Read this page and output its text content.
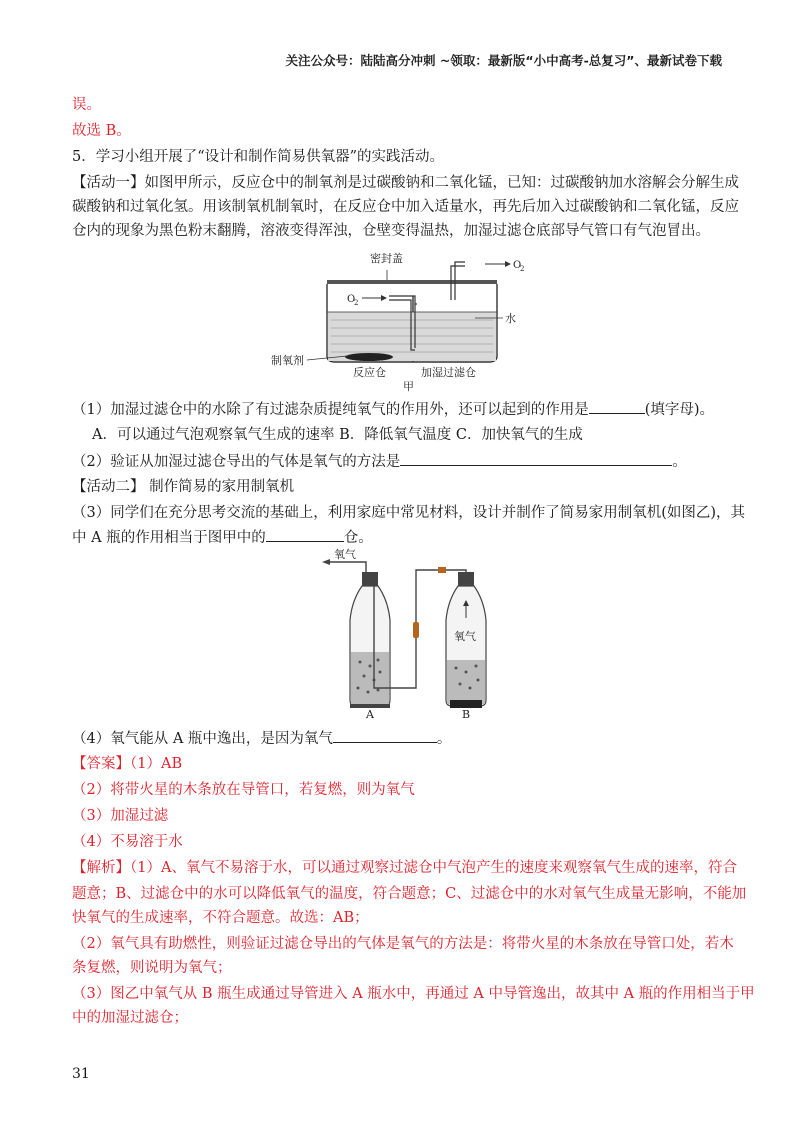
关注公众号：陆陆高分冲刺 ~领取：最新版“小中高考-总复习”、最新试卷下载
误。
故选 B。
5．学习小组开展了“设计和制作简易供氧器”的实践活动。
【活动一】如图甲所示，反应仓中的制氧剂是过碳酸钠和二氧化锰，已知：过碳酸钠加水溶解会分解生成
碳酸钠和过氧化氢。用该制氧机制氧时，在反应仓中加入适量水，再先后加入过碳酸钠和二氧化锰，反应
仓内的现象为黑色粉末翻腾，溶液变得浑浊，仓壁变得温热，加湿过滤仓底部导气管口有气泡冒出。
密封盖
O
2
O
2
水
制氧剂
反应仓	加湿过滤仓
甲
（1）加湿过滤仓中的水除了有过滤杂质提纯氧气的作用外，还可以起到的作用是	(填字母)。
A．可以通过气泡观察氧气生成的速率 B．降低氧气温度 C．加快氧气的生成
（2）验证从加湿过滤仓导出的气体是氧气的方法是	。
【活动二】 制作简易的家用制氧机
（3）同学们在充分思考交流的基础上，利用家庭中常见材料，设计并制作了简易家用制氧机(如图乙)，其
中 A 瓶的作用相当于图甲中的	仓。
氧气
氧气
A	B
（4）氧气能从 A 瓶中逸出，是因为氧气	。
【答案】（1）AB
（2）将带火星的木条放在导管口，若复燃，则为氧气
（3）加湿过滤
（4）不易溶于水
【解析】（1）A、氧气不易溶于水，可以通过观察过滤仓中气泡产生的速度来观察氧气生成的速率，符合
题意；B、过滤仓中的水可以降低氧气的温度，符合题意；C、过滤仓中的水对氧气生成量无影响，不能加
快氧气的生成速率，不符合题意。故选：AB；
（2）氧气具有助燃性，则验证过滤仓导出的气体是氧气的方法是：将带火星的木条放在导管口处，若木
条复燃，则说明为氧气；
（3）图乙中氧气从 B 瓶生成通过导管进入 A 瓶水中，再通过 A 中导管逸出，故其中 A 瓶的作用相当于甲
中的加湿过滤仓；
31
